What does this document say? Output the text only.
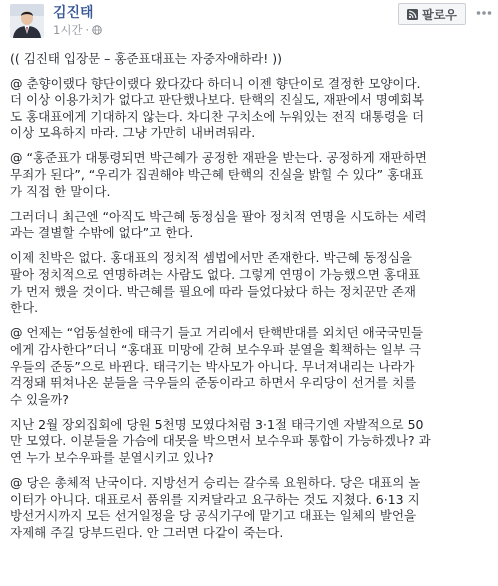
김진태
1시간 ·
팔로우

(( 김진태 입장문 – 홍준표대표는 자중자애하라! ))

@ 춘향이랬다 향단이랬다 왔다갔다 하더니 이젠 향단이로 결정한 모양이다.
더 이상 이용가치가 없다고 판단했나보다. 탄핵의 진실도, 재판에서 명예회복
도 홍대표에게 기대하지 않는다. 차디찬 구치소에 누워있는 전직 대통령을 더
이상 모욕하지 마라. 그냥 가만히 내버려둬라.

@ “홍준표가 대통령되면 박근혜가 공정한 재판을 받는다. 공정하게 재판하면
무죄가 된다”, “우리가 집권해야 박근혜 탄핵의 진실을 밝힐 수 있다” 홍대표
가 직접 한 말이다.

그러더니 최근엔 “아직도 박근혜 동정심을 팔아 정치적 연명을 시도하는 세력
과는 결별할 수밖에 없다”고 한다.

이제 친박은 없다. 홍대표의 정치적 셈법에서만 존재한다. 박근혜 동정심을
팔아 정치적으로 연명하려는 사람도 없다. 그렇게 연명이 가능했으면 홍대표
가 먼저 했을 것이다. 박근혜를 필요에 따라 들었다놨다 하는 정치꾼만 존재
한다.

@ 언제는 “엄동설한에 태극기 들고 거리에서 탄핵반대를 외치던 애국국민들
에게 감사한다”더니 “홍대표 미망에 갇혀 보수우파 분열을 획책하는 일부 극
우들의 준동”으로 바뀐다. 태극기는 박사모가 아니다. 무너져내리는 나라가
걱정돼 뛰쳐나온 분들을 극우들의 준동이라고 하면서 우리당이 선거를 치를
수 있을까?

지난 2월 장외집회에 당원 5천명 모였다처럼 3·1절 태극기엔 자발적으로 50
만 모였다. 이분들을 가슴에 대못을 박으면서 보수우파 통합이 가능하겠나? 과
연 누가 보수우파를 분열시키고 있나?

@ 당은 총체적 난국이다. 지방선거 승리는 갈수록 요원하다. 당은 대표의 놀
이터가 아니다. 대표로서 품위를 지켜달라고 요구하는 것도 지쳤다. 6·13 지
방선거시까지 모든 선거일정을 당 공식기구에 맡기고 대표는 일체의 발언을
자제해 주길 당부드린다. 안 그러면 다같이 죽는다.
